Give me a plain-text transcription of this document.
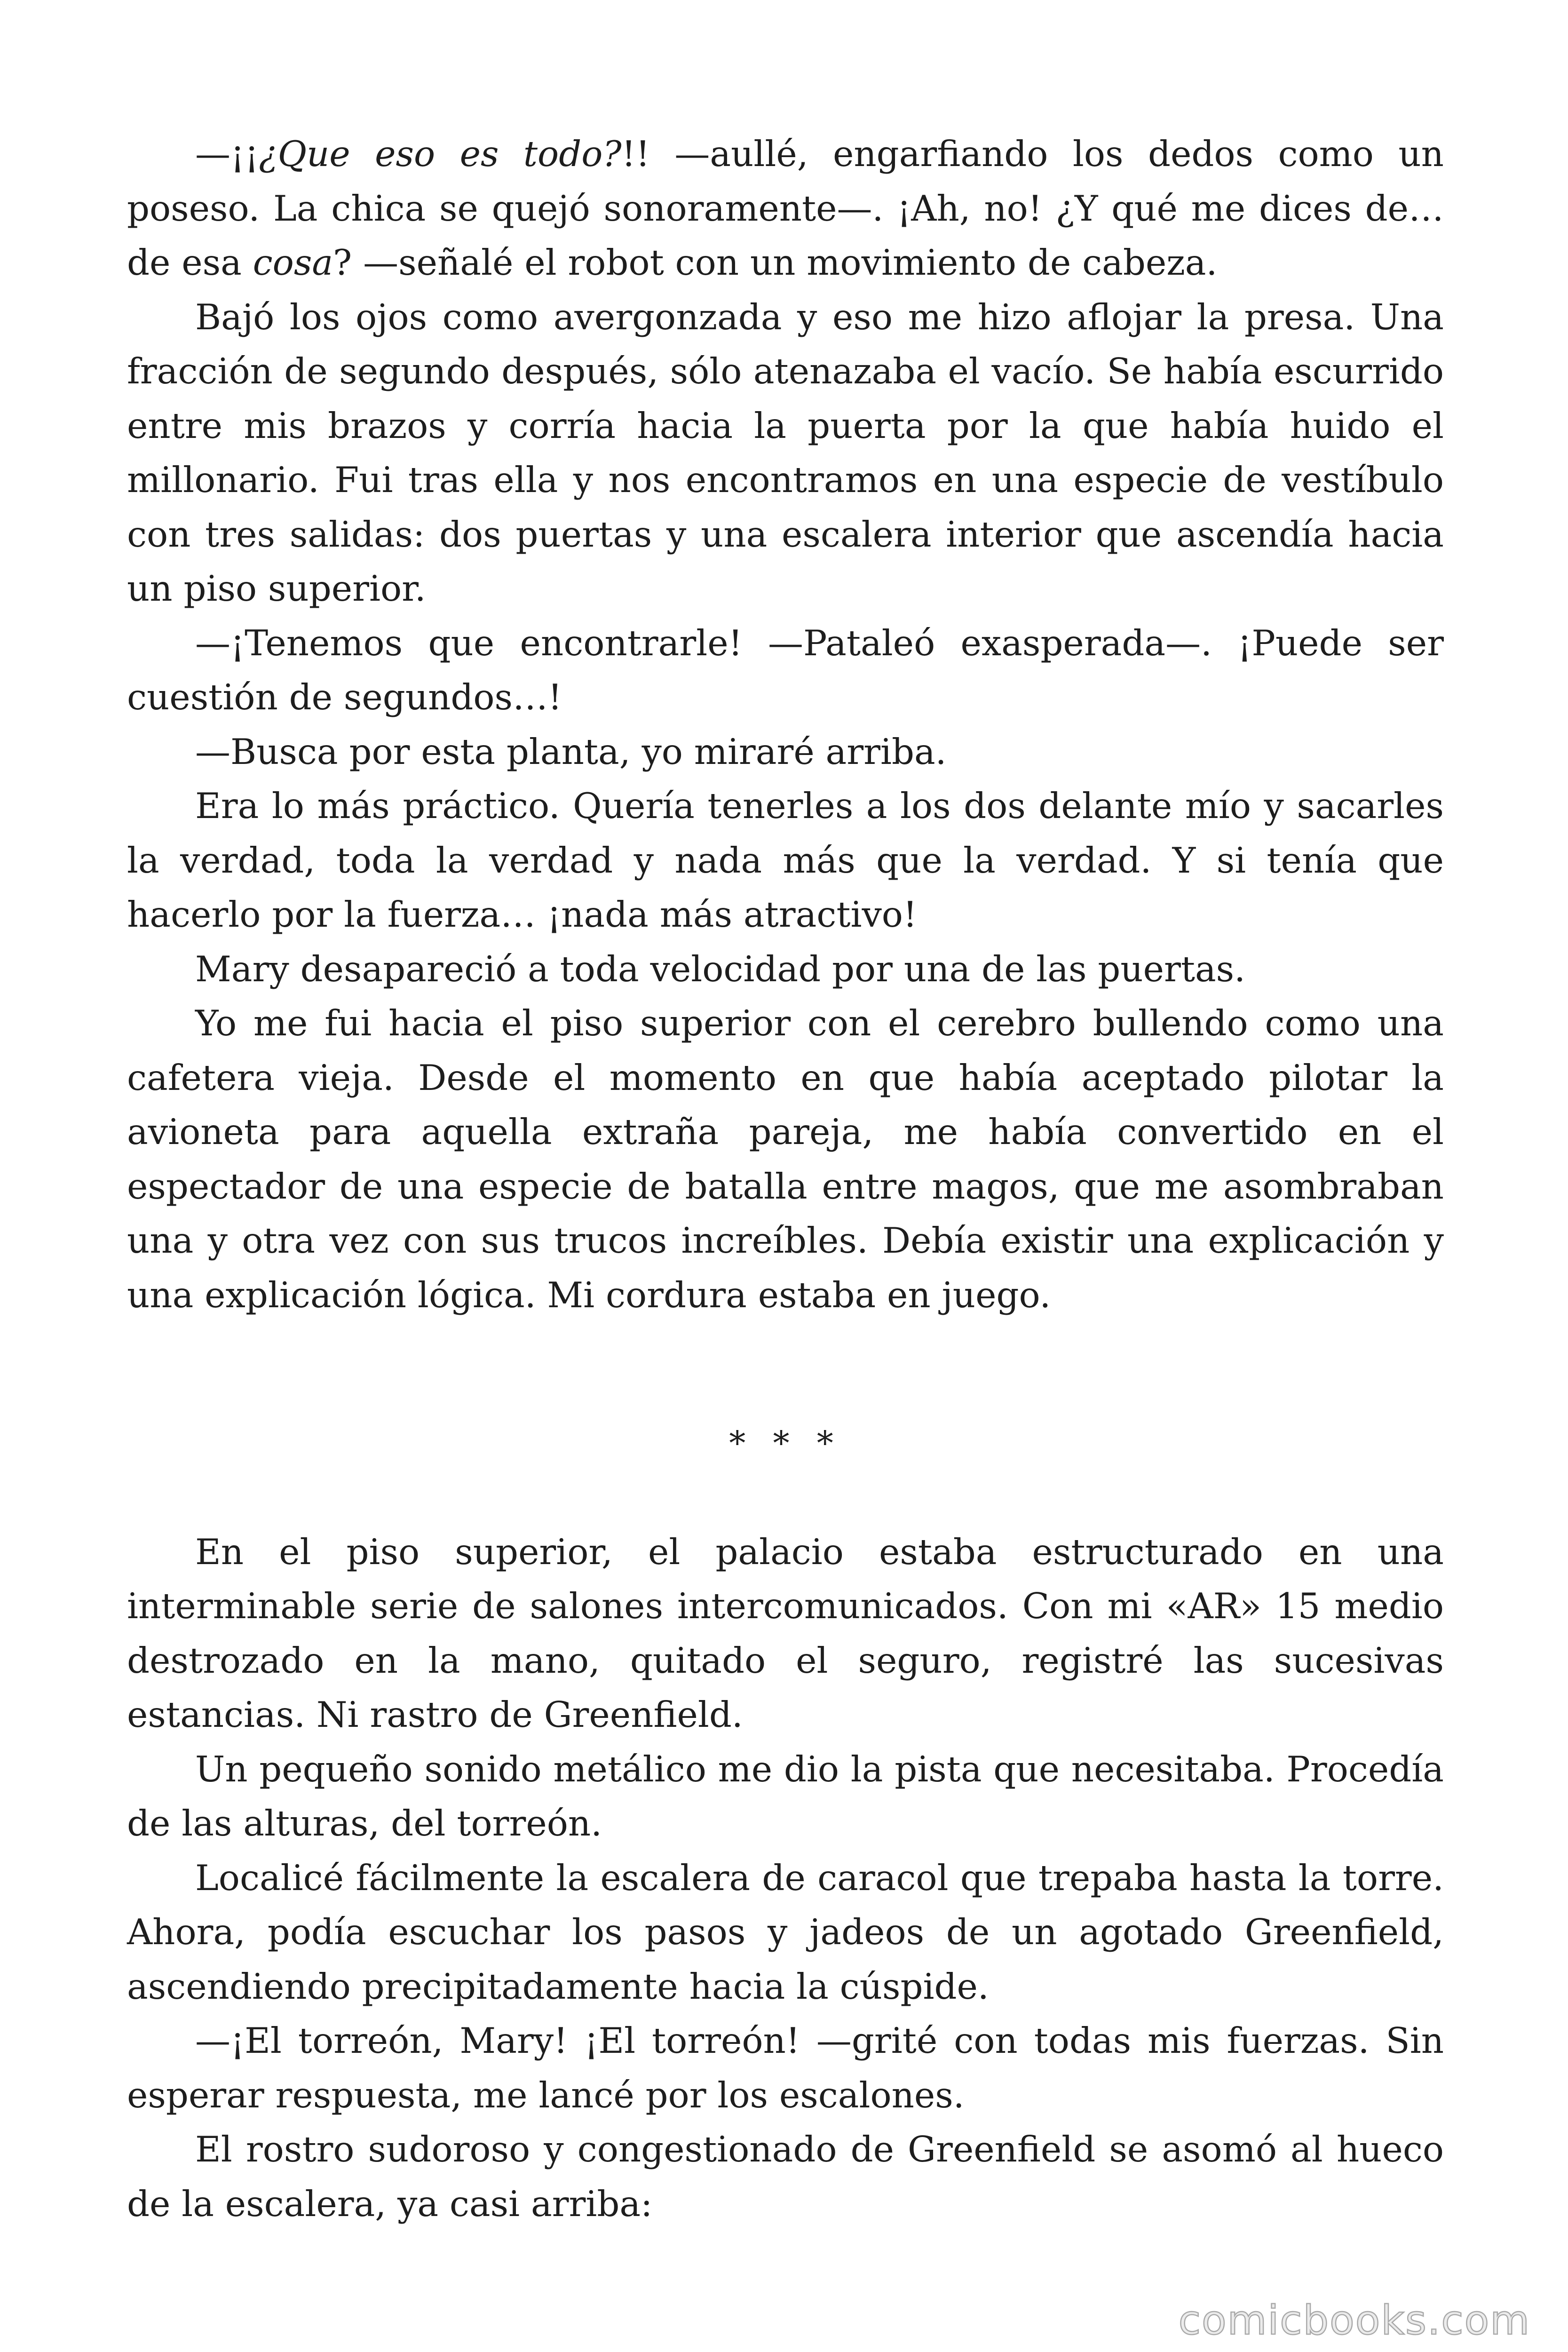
—¡¡¿Que eso es todo?!! —aullé, engarfiando los dedos como un poseso. La chica se quejó sonoramente—. ¡Ah, no! ¿Y qué me dices de… de esa cosa? —señalé el robot con un movimiento de cabeza.

Bajó los ojos como avergonzada y eso me hizo aflojar la presa. Una fracción de segundo después, sólo atenazaba el vacío. Se había escurrido entre mis brazos y corría hacia la puerta por la que había huido el millonario. Fui tras ella y nos encontramos en una especie de vestíbulo con tres salidas: dos puertas y una escalera interior que ascendía hacia un piso superior.

—¡Tenemos que encontrarle! —Pataleó exasperada—. ¡Puede ser cuestión de segundos…!

—Busca por esta planta, yo miraré arriba.

Era lo más práctico. Quería tenerles a los dos delante mío y sacarles la verdad, toda la verdad y nada más que la verdad. Y si tenía que hacerlo por la fuerza… ¡nada más atractivo!

Mary desapareció a toda velocidad por una de las puertas.

Yo me fui hacia el piso superior con el cerebro bullendo como una cafetera vieja. Desde el momento en que había aceptado pilotar la avioneta para aquella extraña pareja, me había convertido en el espectador de una especie de batalla entre magos, que me asombraban una y otra vez con sus trucos increíbles. Debía existir una explicación y una explicación lógica. Mi cordura estaba en juego.

* * *

En el piso superior, el palacio estaba estructurado en una interminable serie de salones intercomunicados. Con mi «AR» 15 medio destrozado en la mano, quitado el seguro, registré las sucesivas estancias. Ni rastro de Greenfield.

Un pequeño sonido metálico me dio la pista que necesitaba. Procedía de las alturas, del torreón.

Localicé fácilmente la escalera de caracol que trepaba hasta la torre. Ahora, podía escuchar los pasos y jadeos de un agotado Greenfield, ascendiendo precipitadamente hacia la cúspide.

—¡El torreón, Mary! ¡El torreón! —grité con todas mis fuerzas. Sin esperar respuesta, me lancé por los escalones.

El rostro sudoroso y congestionado de Greenfield se asomó al hueco de la escalera, ya casi arriba:

comicbooks.com
